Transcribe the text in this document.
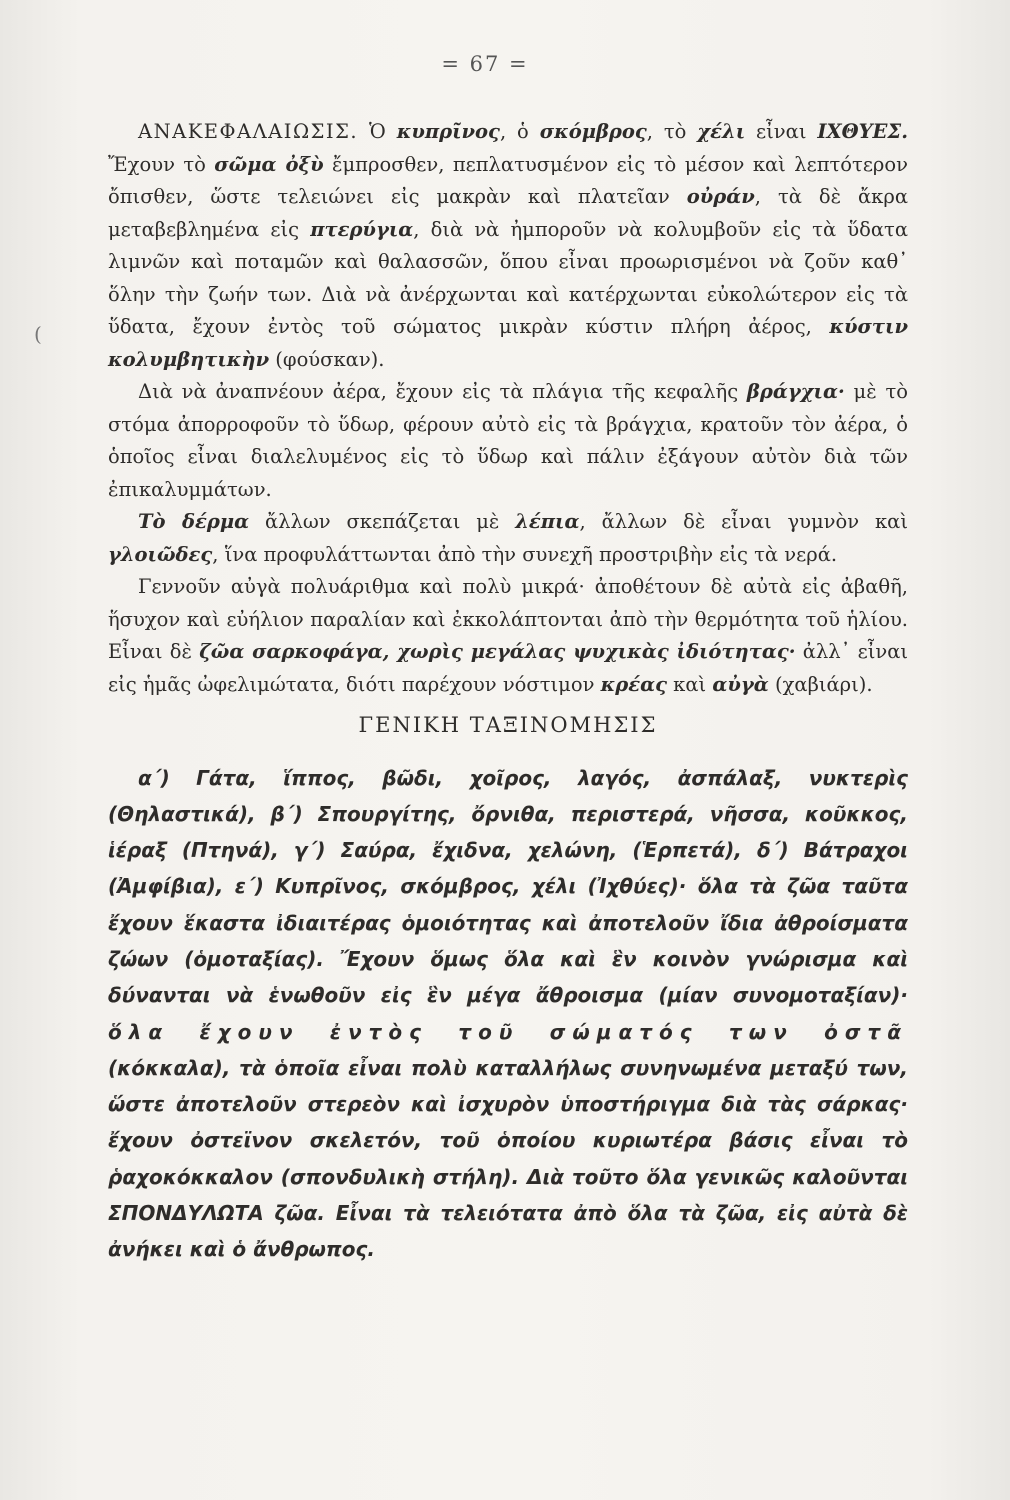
= 67 =
(

ΑΝΑΚΕΦΑΛΑΙΩΣΙΣ. Ὁ κυπρῖνος, ὁ σκόμβρος, τὸ χέλι εἶναι ΙΧΘΥΕΣ. Ἔχουν τὸ σῶμα ὀξὺ ἔμπροσθεν, πεπλατυσμένον εἰς τὸ μέσον καὶ λεπτότερον ὄπισθεν, ὥστε τελειώνει εἰς μακρὰν καὶ πλατεῖαν οὐράν, τὰ δὲ ἄκρα μεταβεβλημένα εἰς πτερύγια, διὰ νὰ ἠμποροῦν νὰ κολυμβοῦν εἰς τὰ ὕδατα λιμνῶν καὶ ποταμῶν καὶ θαλασσῶν, ὅπου εἶναι προωρισμένοι νὰ ζοῦν καθ᾽ ὅλην τὴν ζωήν των. Διὰ νὰ ἀνέρχωνται καὶ κατέρχωνται εὐκολώτερον εἰς τὰ ὕδατα, ἔχουν ἐντὸς τοῦ σώματος μικρὰν κύστιν πλήρη ἀέρος, κύστιν κολυμβητικὴν (φούσκαν).

Διὰ νὰ ἀναπνέουν ἀέρα, ἔχουν εἰς τὰ πλάγια τῆς κεφαλῆς βράγχια· μὲ τὸ στόμα ἀπορροφοῦν τὸ ὕδωρ, φέρουν αὐτὸ εἰς τὰ βράγχια, κρατοῦν τὸν ἀέρα, ὁ ὁποῖος εἶναι διαλελυμένος εἰς τὸ ὕδωρ καὶ πάλιν ἐξάγουν αὐτὸν διὰ τῶν ἐπικαλυμμάτων.

Τὸ δέρμα ἄλλων σκεπάζεται μὲ λέπια, ἄλλων δὲ εἶναι γυμνὸν καὶ γλοιῶδες, ἵνα προφυλάττωνται ἀπὸ τὴν συνεχῆ προστριβὴν εἰς τὰ νερά.

Γεννοῦν αὐγὰ πολυάριθμα καὶ πολὺ μικρά· ἀποθέτουν δὲ αὐτὰ εἰς ἀβαθῆ, ἥσυχον καὶ εὐήλιον παραλίαν καὶ ἐκκολάπτονται ἀπὸ τὴν θερμότητα τοῦ ἡλίου. Εἶναι δὲ ζῶα σαρκοφάγα, χωρὶς μεγάλας ψυχικὰς ἰδιότητας· ἀλλ᾽ εἶναι εἰς ἡμᾶς ὠφελιμώτατα, διότι παρέχουν νόστιμον κρέας καὶ αὐγὰ (χαβιάρι).

ΓΕΝΙΚΗ ΤΑΞΙΝΟΜΗΣΙΣ

α΄) Γάτα, ἵππος, βῶδι, χοῖρος, λαγός, ἀσπάλαξ, νυκτερὶς (Θηλαστικά), β΄) Σπουργίτης, ὄρνιθα, περιστερά, νῆσσα, κοῦκκος, ἱέραξ (Πτηνά), γ΄) Σαύρα, ἔχιδνα, χελώνη, (Ἑρπετά), δ΄) Βάτραχοι (Ἀμφίβια), ε΄) Κυπρῖνος, σκόμβρος, χέλι (Ἰχθύες)· ὅλα τὰ ζῶα ταῦτα ἔχουν ἕκαστα ἰδιαιτέρας ὁμοιότητας καὶ ἀποτελοῦν ἴδια ἀθροίσματα ζώων (ὁμοταξίας). Ἔχουν ὅμως ὅλα καὶ ἓν κοινὸν γνώρισμα καὶ δύνανται νὰ ἑνωθοῦν εἰς ἓν μέγα ἄθροισμα (μίαν συνομοταξίαν)· ὅλα ἔχουν ἐντὸς τοῦ σώματός των ὀστᾶ (κόκκαλα), τὰ ὁποῖα εἶναι πολὺ καταλλήλως συνηνωμένα μεταξύ των, ὥστε ἀποτελοῦν στερεὸν καὶ ἰσχυρὸν ὑποστήριγμα διὰ τὰς σάρκας· ἔχουν ὀστεϊνον σκελετόν, τοῦ ὁποίου κυριωτέρα βάσις εἶναι τὸ ῥαχοκόκκαλον (σπονδυλικὴ στήλη). Διὰ τοῦτο ὅλα γενικῶς καλοῦνται ΣΠΟΝΔΥΛΩΤΑ ζῶα. Εἶναι τὰ τελειότατα ἀπὸ ὅλα τὰ ζῶα, εἰς αὐτὰ δὲ ἀνήκει καὶ ὁ ἄνθρωπος.
